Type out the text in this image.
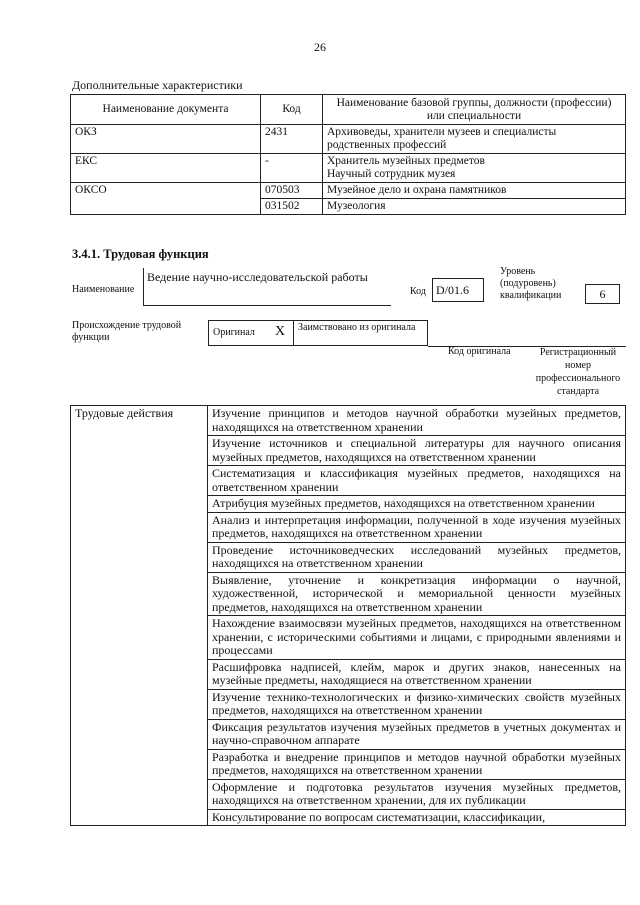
26
Дополнительные характеристики
Наименование документа	Код	Наименование базовой группы, должности (профессии) или специальности
ОКЗ	2431	Архивоведы, хранители музеев и специалисты родственных профессий
ЕКС	-	Хранитель музейных предметов
Научный сотрудник музея
ОКСО	070503	Музейное дело и охрана памятников
	031502	Музеология
3.4.1. Трудовая функция
Наименование
Ведение научно-исследовательской работы
Код D/01.6
Уровень (подуровень) квалификации	6
Происхождение трудовой функции	Оригинал X	Заимствовано из оригинала
Код оригинала	Регистрационный номер профессионального стандарта
Трудовые действия	Изучение принципов и методов научной обработки музейных предметов, находящихся на ответственном хранении
Изучение источников и специальной литературы для научного описания музейных предметов, находящихся на ответственном хранении
Систематизация и классификация музейных предметов, находящихся на ответственном хранении
Атрибуция музейных предметов, находящихся на ответственном хранении
Анализ и интерпретация информации, полученной в ходе изучения музейных предметов, находящихся на ответственном хранении
Проведение источниковедческих исследований музейных предметов, находящихся на ответственном хранении
Выявление, уточнение и конкретизация информации о научной, художественной, исторической и мемориальной ценности музейных предметов, находящихся на ответственном хранении
Нахождение взаимосвязи музейных предметов, находящихся на ответственном хранении, с историческими событиями и лицами, с природными явлениями и процессами
Расшифровка надписей, клейм, марок и других знаков, нанесенных на музейные предметы, находящиеся на ответственном хранении
Изучение технико-технологических и физико-химических свойств музейных предметов, находящихся на ответственном хранении
Фиксация результатов изучения музейных предметов в учетных документах и научно-справочном аппарате
Разработка и внедрение принципов и методов научной обработки музейных предметов, находящихся на ответственном хранении
Оформление и подготовка результатов изучения музейных предметов, находящихся на ответственном хранении, для их публикации
Консультирование по вопросам систематизации, классификации,
